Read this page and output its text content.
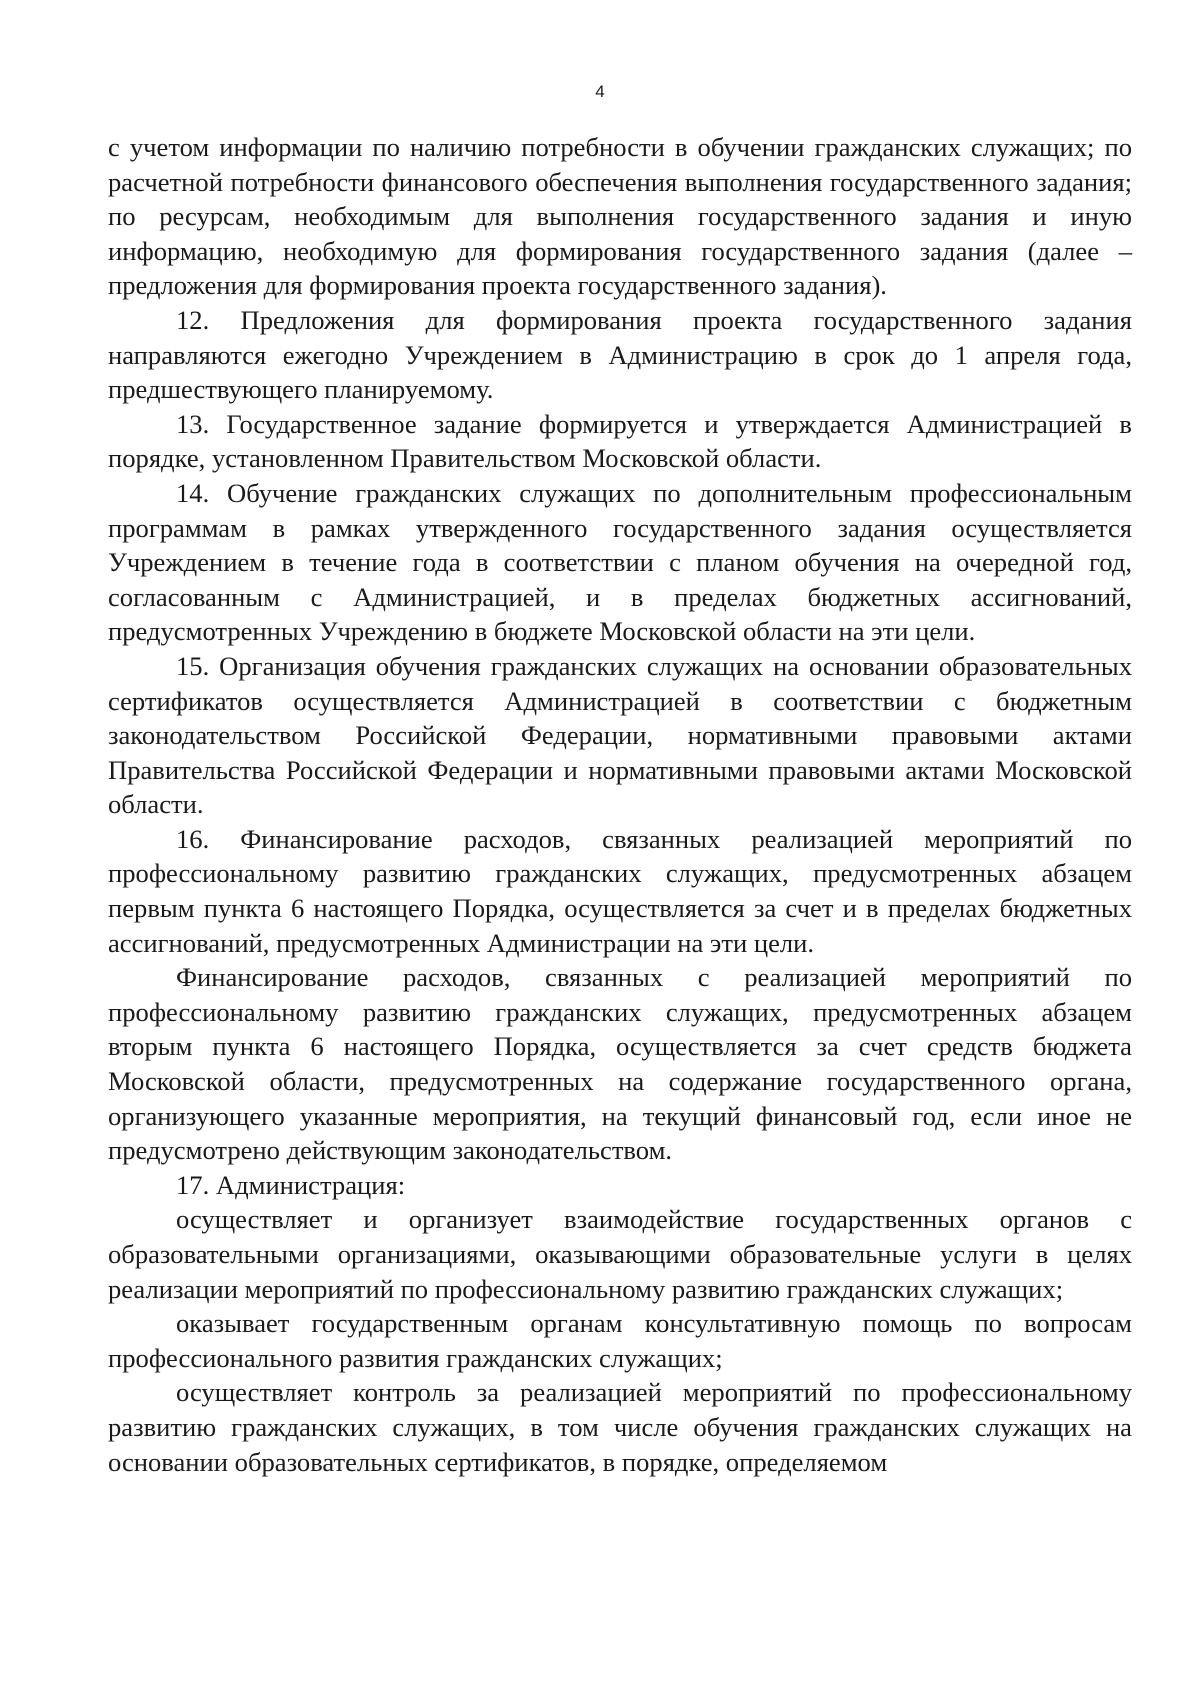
4

с учетом информации по наличию потребности в обучении гражданских служащих; по расчетной потребности финансового обеспечения выполнения государственного задания; по ресурсам, необходимым для выполнения государственного задания и иную информацию, необходимую для формирования государственного задания (далее – предложения для формирования проекта государственного задания).

12. Предложения для формирования проекта государственного задания направляются ежегодно Учреждением в Администрацию в срок до 1 апреля года, предшествующего планируемому.

13. Государственное задание формируется и утверждается Администрацией в порядке, установленном Правительством Московской области.

14. Обучение гражданских служащих по дополнительным профессиональным программам в рамках утвержденного государственного задания осуществляется Учреждением в течение года в соответствии с планом обучения на очередной год, согласованным с Администрацией, и в пределах бюджетных ассигнований, предусмотренных Учреждению в бюджете Московской области на эти цели.

15. Организация обучения гражданских служащих на основании образовательных сертификатов осуществляется Администрацией в соответствии с бюджетным законодательством Российской Федерации, нормативными правовыми актами Правительства Российской Федерации и нормативными правовыми актами Московской области.

16. Финансирование расходов, связанных реализацией мероприятий по профессиональному развитию гражданских служащих, предусмотренных абзацем первым пункта 6 настоящего Порядка, осуществляется за счет и в пределах бюджетных ассигнований, предусмотренных Администрации на эти цели.

Финансирование расходов, связанных с реализацией мероприятий по профессиональному развитию гражданских служащих, предусмотренных абзацем вторым пункта 6 настоящего Порядка, осуществляется за счет средств бюджета Московской области, предусмотренных на содержание государственного органа, организующего указанные мероприятия, на текущий финансовый год, если иное не предусмотрено действующим законодательством.

17. Администрация:

осуществляет и организует взаимодействие государственных органов с образовательными организациями, оказывающими образовательные услуги в целях реализации мероприятий по профессиональному развитию гражданских служащих;

оказывает государственным органам консультативную помощь по вопросам профессионального развития гражданских служащих;

осуществляет контроль за реализацией мероприятий по профессиональному развитию гражданских служащих, в том числе обучения гражданских служащих на основании образовательных сертификатов, в порядке, определяемом
